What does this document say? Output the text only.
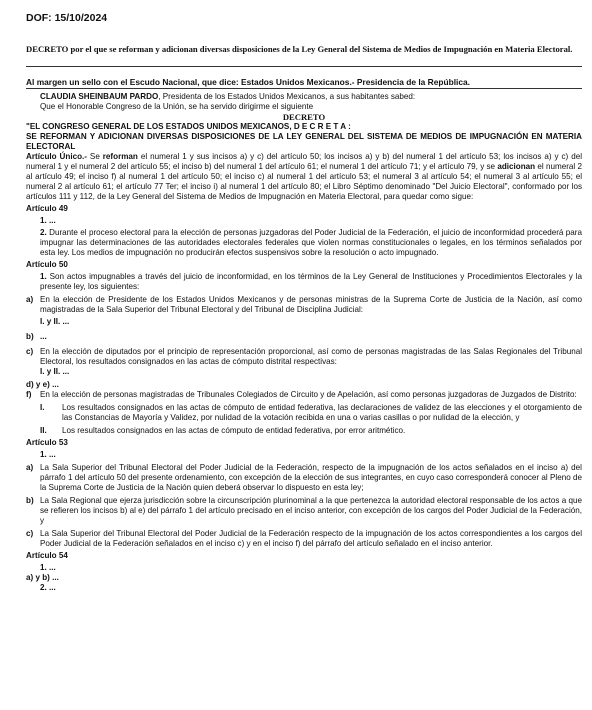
DOF: 15/10/2024
DECRETO por el que se reforman y adicionan diversas disposiciones de la Ley General del Sistema de Medios de Impugnación en Materia Electoral.

Al margen un sello con el Escudo Nacional, que dice: Estados Unidos Mexicanos.- Presidencia de la República.

CLAUDIA SHEINBAUM PARDO, Presidenta de los Estados Unidos Mexicanos, a sus habitantes sabed:

Que el Honorable Congreso de la Unión, se ha servido dirigirme el siguiente

DECRETO

"EL CONGRESO GENERAL DE LOS ESTADOS UNIDOS MEXICANOS, D E C R E T A :

SE REFORMAN Y ADICIONAN DIVERSAS DISPOSICIONES DE LA LEY GENERAL DEL SISTEMA DE MEDIOS DE IMPUGNACIÓN EN MATERIA ELECTORAL

Artículo Único.- Se reforman el numeral 1 y sus incisos a) y c) del artículo 50; los incisos a) y b) del numeral 1 del artículo 53; los incisos a) y c) del numeral 1 y el numeral 2 del artículo 55; el inciso b) del numeral 1 del artículo 61; el numeral 1 del artículo 71; y el artículo 79, y se adicionan el numeral 2 al artículo 49; el inciso f) al numeral 1 del artículo 50; el inciso c) al numeral 1 del artículo 53; el numeral 3 al artículo 54; el numeral 3 al artículo 55; el numeral 2 al artículo 61; el artículo 77 Ter; el inciso i) al numeral 1 del artículo 80; el Libro Séptimo denominado "Del Juicio Electoral", conformado por los artículos 111 y 112, de la Ley General del Sistema de Medios de Impugnación en Materia Electoral, para quedar como sigue:

Artículo 49

1. ...

2. Durante el proceso electoral para la elección de personas juzgadoras del Poder Judicial de la Federación, el juicio de inconformidad procederá para impugnar las determinaciones de las autoridades electorales federales que violen normas constitucionales o legales, en los términos señalados por esta ley. Los medios de impugnación no producirán efectos suspensivos sobre la resolución o acto impugnado.

Artículo 50

1. Son actos impugnables a través del juicio de inconformidad, en los términos de la Ley General de Instituciones y Procedimientos Electorales y la presente ley, los siguientes:

a) En la elección de Presidente de los Estados Unidos Mexicanos y de personas ministras de la Suprema Corte de Justicia de la Nación, así como magistradas de la Sala Superior del Tribunal Electoral y del Tribunal de Disciplina Judicial:

I. y II. ...

b) ...
c) En la elección de diputados por el principio de representación proporcional, así como de personas magistradas de las Salas Regionales del Tribunal Electoral, los resultados consignados en las actas de cómputo distrital respectivas:

I. y II. ...

d) y e) ...

f)	En la elección de personas magistradas de Tribunales Colegiados de Circuito y de Apelación, así como personas juzgadoras de Juzgados de Distrito:
I.	Los resultados consignados en las actas de cómputo de entidad federativa, las declaraciones de validez de las elecciones y el otorgamiento de las Constancias de Mayoría y Validez, por nulidad de la votación recibida en una o varias casillas o por nulidad de la elección, y
II.	Los resultados consignados en las actas de cómputo de entidad federativa, por error aritmético.

Artículo 53

1. ...

a) La Sala Superior del Tribunal Electoral del Poder Judicial de la Federación, respecto de la impugnación de los actos señalados en el inciso a) del párrafo 1 del artículo 50 del presente ordenamiento, con excepción de la elección de sus integrantes, en cuyo caso corresponderá conocer al Pleno de la Suprema Corte de Justicia de la Nación quien deberá observar lo dispuesto en esta ley;
b) La Sala Regional que ejerza jurisdicción sobre la circunscripción plurinominal a la que pertenezca la autoridad electoral responsable de los actos a que se refieren los incisos b) al e) del párrafo 1 del artículo precisado en el inciso anterior, con excepción de los cargos del Poder Judicial de la Federación, y
c) La Sala Superior del Tribunal Electoral del Poder Judicial de la Federación respecto de la impugnación de los actos correspondientes a los cargos del Poder Judicial de la Federación señalados en el inciso c) y en el inciso f) del párrafo del artículo señalado en el inciso anterior.

Artículo 54

1. ...

a) y b) ...

2. ...
